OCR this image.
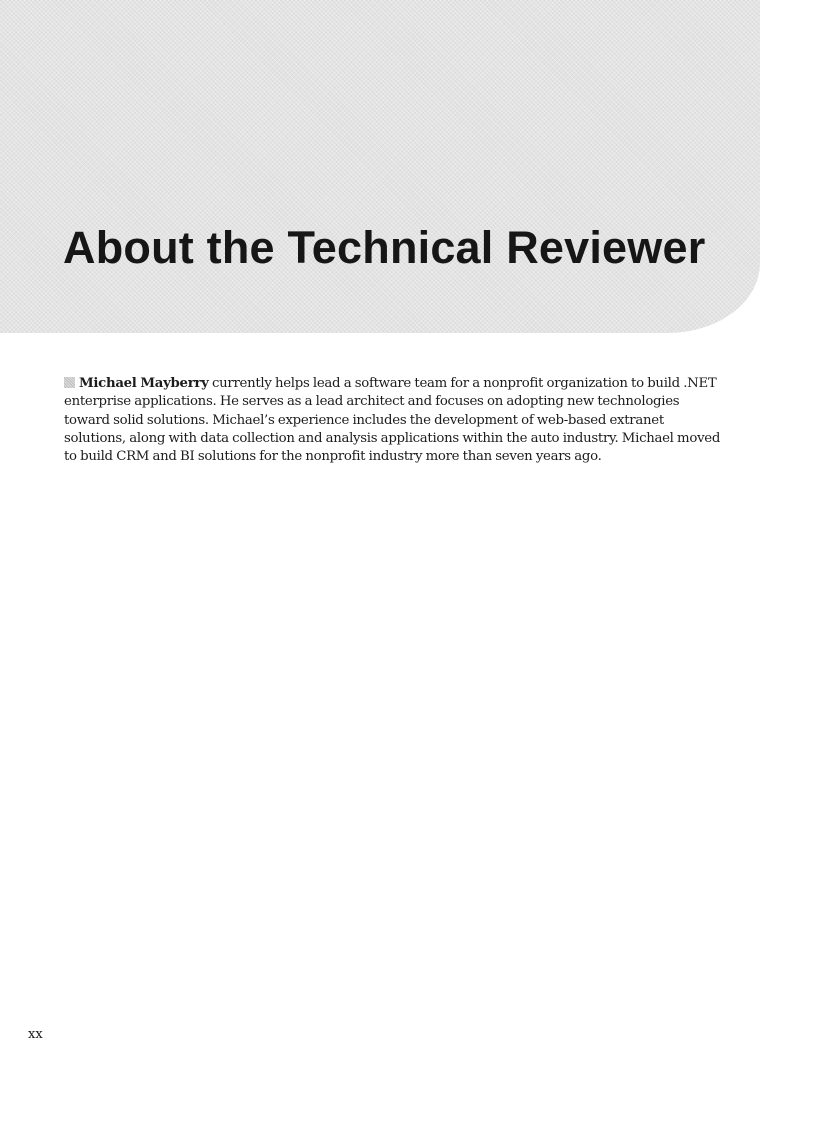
About the Technical Reviewer

Michael Mayberry currently helps lead a software team for a nonprofit organization to build .NET enterprise applications. He serves as a lead architect and focuses on adopting new technologies toward solid solutions. Michael’s experience includes the development of web-based extranet solutions, along with data collection and analysis applications within the auto industry. Michael moved to build CRM and BI solutions for the nonprofit industry more than seven years ago.

xx
